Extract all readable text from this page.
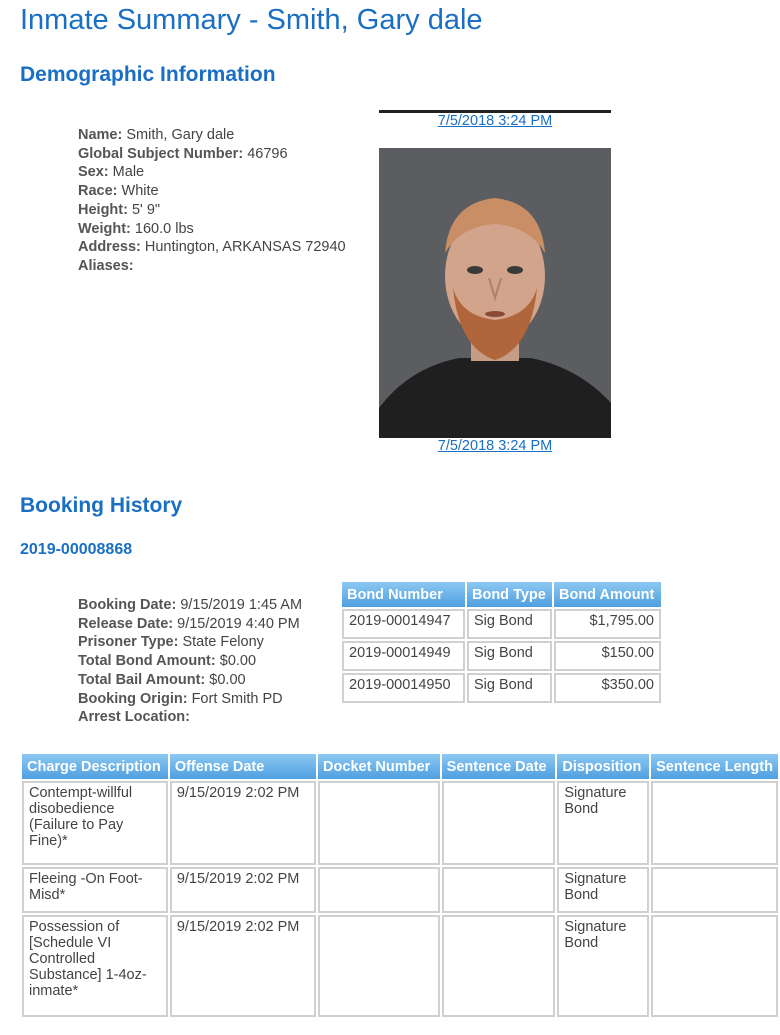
Inmate Summary - Smith, Gary dale
Demographic Information
Name: Smith, Gary dale
Global Subject Number: 46796
Sex: Male
Race: White
Height: 5' 9"
Weight: 160.0 lbs
Address: Huntington, ARKANSAS 72940
Aliases:
7/5/2018 3:24 PM
7/5/2018 3:24 PM
Booking History
2019-00008868
Booking Date: 9/15/2019 1:45 AM
Release Date: 9/15/2019 4:40 PM
Prisoner Type: State Felony
Total Bond Amount: $0.00
Total Bail Amount: $0.00
Booking Origin: Fort Smith PD
Arrest Location:
Bond Number	Bond Type	Bond Amount
2019-00014947	Sig Bond	$1,795.00
2019-00014949	Sig Bond	$150.00
2019-00014950	Sig Bond	$350.00
Charge Description	Offense Date	Docket Number	Sentence Date	Disposition	Sentence Length
Contempt-willful disobedience (Failure to Pay Fine)*	9/15/2019 2:02 PM			Signature Bond	
Fleeing -On Foot-Misd*	9/15/2019 2:02 PM			Signature Bond	
Possession of [Schedule VI Controlled Substance] 1-4oz-inmate*	9/15/2019 2:02 PM			Signature Bond	
